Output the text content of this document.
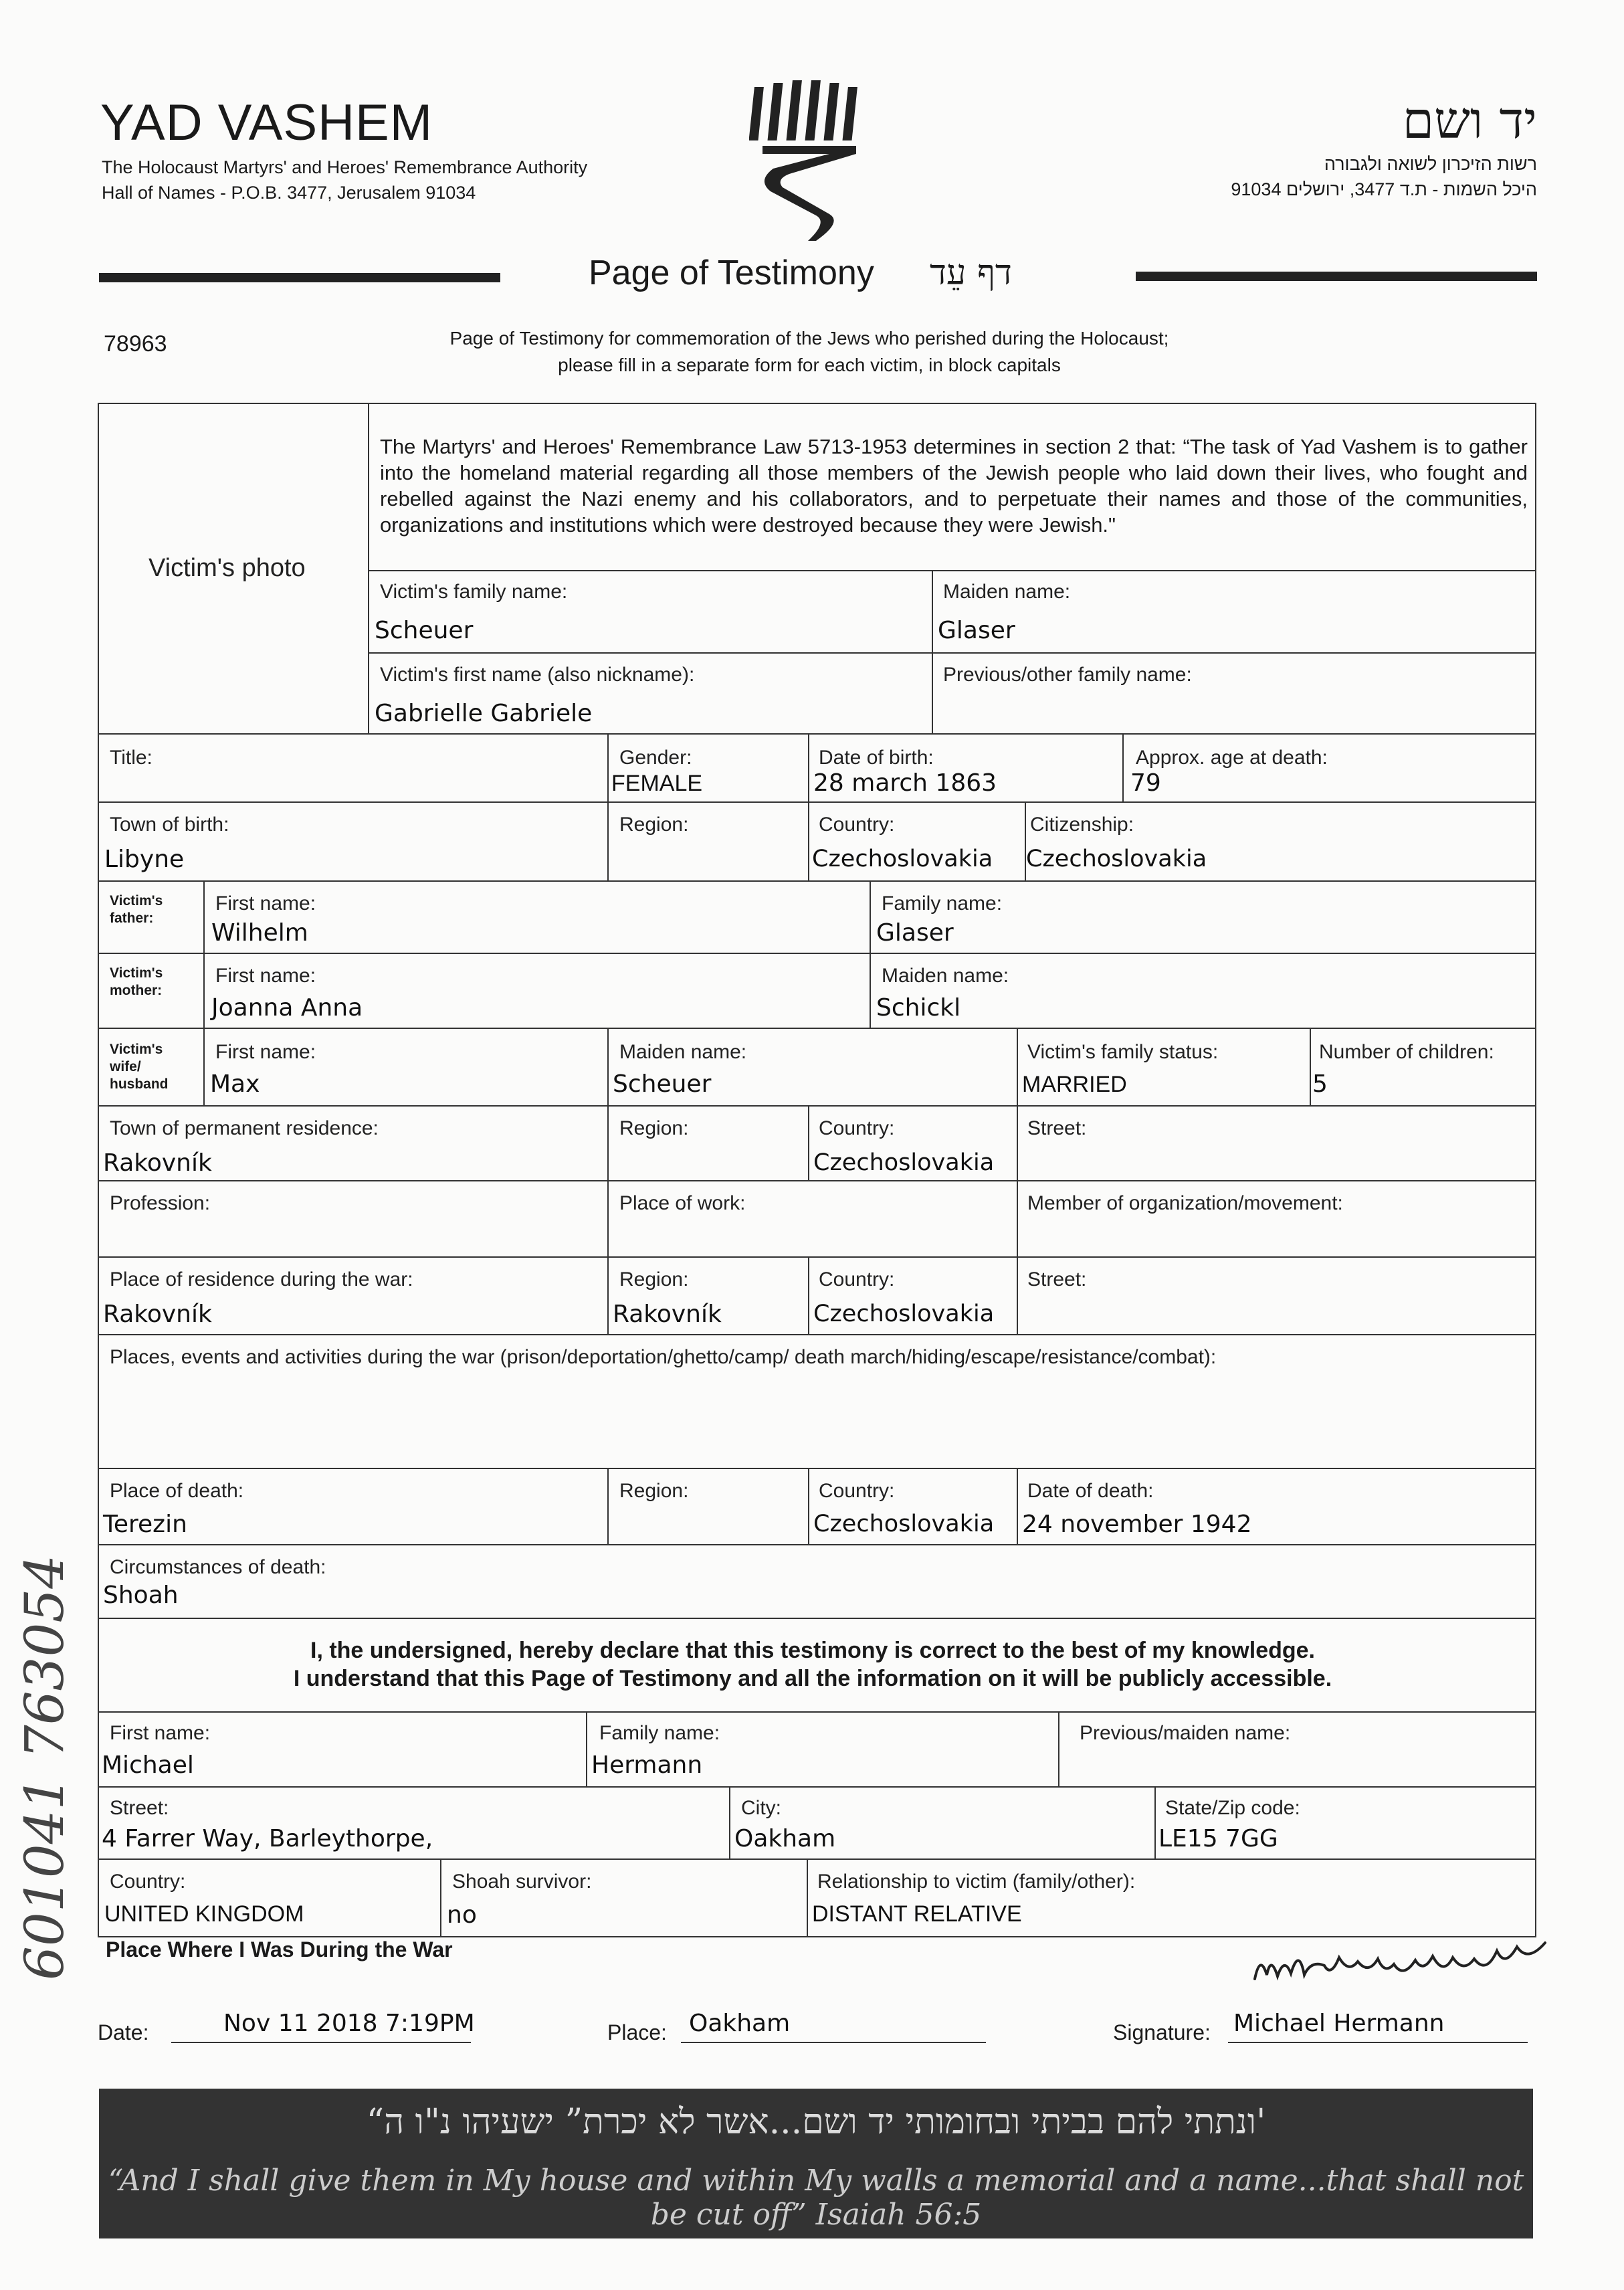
YAD VASHEM
The Holocaust Martyrs' and Heroes' Remembrance Authority
Hall of Names - P.O.B. 3477, Jerusalem 91034
יד ושם
רשות הזיכרון לשואה ולגבורה
היכל השמות - ת.ד 3477, ירושלים 91034
Page of Testimony דף עֵד
78963	Page of Testimony for commemoration of the Jews who perished during the Holocaust;
please fill in a separate form for each victim, in block capitals
Victim's photo
The Martyrs' and Heroes' Remembrance Law 5713-1953 determines in section 2 that: “The task of Yad Vashem is to gather into the homeland material regarding all those members of the Jewish people who laid down their lives, who fought and rebelled against the Nazi enemy and his collaborators, and to perpetuate their names and those of the communities, organizations and institutions which were destroyed because they were Jewish."
Victim's family name:
Scheuer
Maiden name:
Glaser
Victim's first name (also nickname):
Gabrielle Gabriele
Previous/other family name:
Title:	Gender:
FEMALE
Date of birth:
28 march 1863
Approx. age at death:
79
Town of birth:
Libyne
Region:	Country:
Czechoslovakia
Citizenship:
Czechoslovakia
Victim's father:
First name:
Wilhelm
Family name:
Glaser
Victim's mother:
First name:
Joanna Anna
Maiden name:
Schickl
Victim's wife/ husband
First name:
Max
Maiden name:
Scheuer
Victim's family status:
MARRIED
Number of children:
5
Town of permanent residence:
Rakovník
Region:	Country:
Czechoslovakia
Street:
Profession:	Place of work:	Member of organization/movement:
Place of residence during the war:
Rakovník
Region:
Rakovník
Country:
Czechoslovakia
Street:
Places, events and activities during the war (prison/deportation/ghetto/camp/ death march/hiding/escape/resistance/combat):
Place of death:
Terezin
Region:	Country:
Czechoslovakia
Date of death:
24 november 1942
Circumstances of death:
Shoah
I, the undersigned, hereby declare that this testimony is correct to the best of my knowledge.
I understand that this Page of Testimony and all the information on it will be publicly accessible.
First name:
Michael
Family name:
Hermann
Previous/maiden name:
Street:
4 Farrer Way, Barleythorpe,
City:
Oakham
State/Zip code:
LE15 7GG
Country:
UNITED KINGDOM
Shoah survivor:
no
Relationship to victim (family/other):
DISTANT RELATIVE
Place Where I Was During the War
Date:	Nov 11 2018 7:19PM	Place: Oakham	Signature: Michael Hermann
“ונתתי להם בביתי ובחומותי יד ושם...אשר לא יכרת” ישעיהו נ"ו ה'
“And I shall give them in My house and within My walls a memorial and a name...that shall not be cut off” Isaiah 56:5
601041 763054
